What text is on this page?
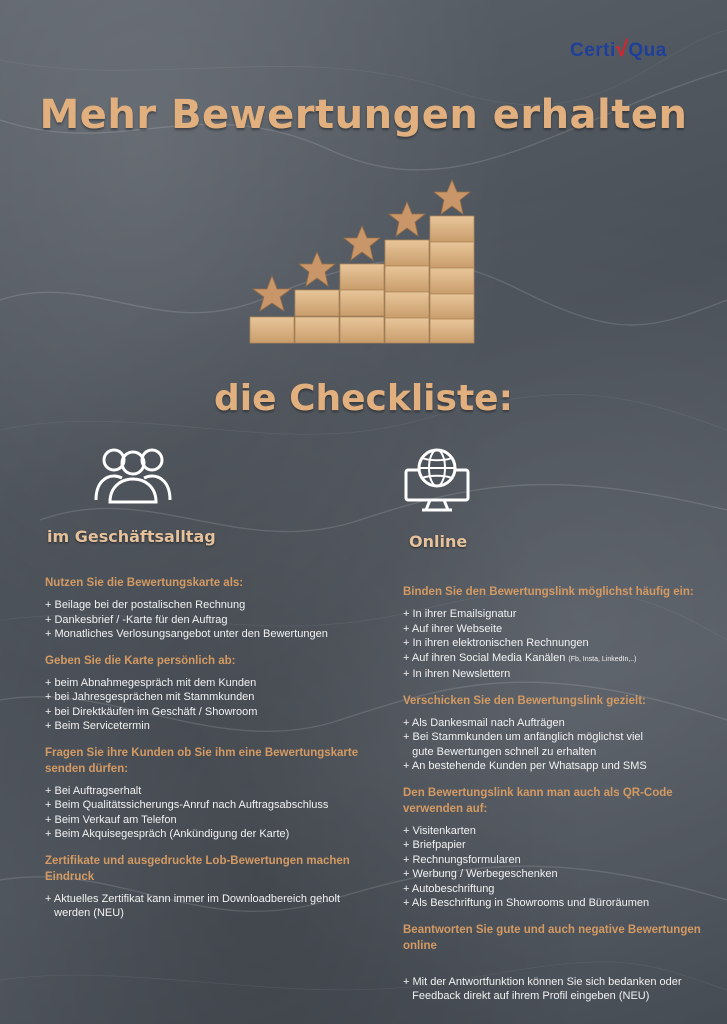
Certi√Qua
Mehr Bewertungen erhalten
die Checkliste:
im Geschäftsalltag	Online
Nutzen Sie die Bewertungskarte als:
+ Beilage bei der postalischen Rechnung
+ Dankesbrief / -Karte für den Auftrag
+ Monatliches Verlosungsangebot unter den Bewertungen
Geben Sie die Karte persönlich ab:
+ beim Abnahmegespräch mit dem Kunden
+ bei Jahresgesprächen mit Stammkunden
+ bei Direktkäufen im Geschäft / Showroom
+ Beim Servicetermin
Fragen Sie ihre Kunden ob Sie ihm eine Bewertungskarte senden dürfen:
+ Bei Auftragserhalt
+ Beim Qualitätssicherungs-Anruf nach Auftragsabschluss
+ Beim Verkauf am Telefon
+ Beim Akquisegespräch (Ankündigung der Karte)
Zertifikate und ausgedruckte Lob-Bewertungen machen Eindruck
+ Aktuelles Zertifikat kann immer im Downloadbereich geholt
werden (NEU)
Binden Sie den Bewertungslink möglichst häufig ein:
+ In ihrer Emailsignatur
+ Auf ihrer Webseite
+ In ihren elektronischen Rechnungen
+ Auf ihren Social Media Kanälen (Fb, Insta, LinkedIn,..)
+ In ihren Newslettern
Verschicken Sie den Bewertungslink gezielt:
+ Als Dankesmail nach Aufträgen
+ Bei Stammkunden um anfänglich möglichst viel
gute Bewertungen schnell zu erhalten
+ An bestehende Kunden per Whatsapp und SMS
Den Bewertungslink kann man auch als QR-Code verwenden auf:
+ Visitenkarten
+ Briefpapier
+ Rechnungsformularen
+ Werbung / Werbegeschenken
+ Autobeschriftung
+ Als Beschriftung in Showrooms und Büroräumen
Beantworten Sie gute und auch negative Bewertungen online
+ Mit der Antwortfunktion können Sie sich bedanken oder
Feedback direkt auf ihrem Profil eingeben (NEU)
